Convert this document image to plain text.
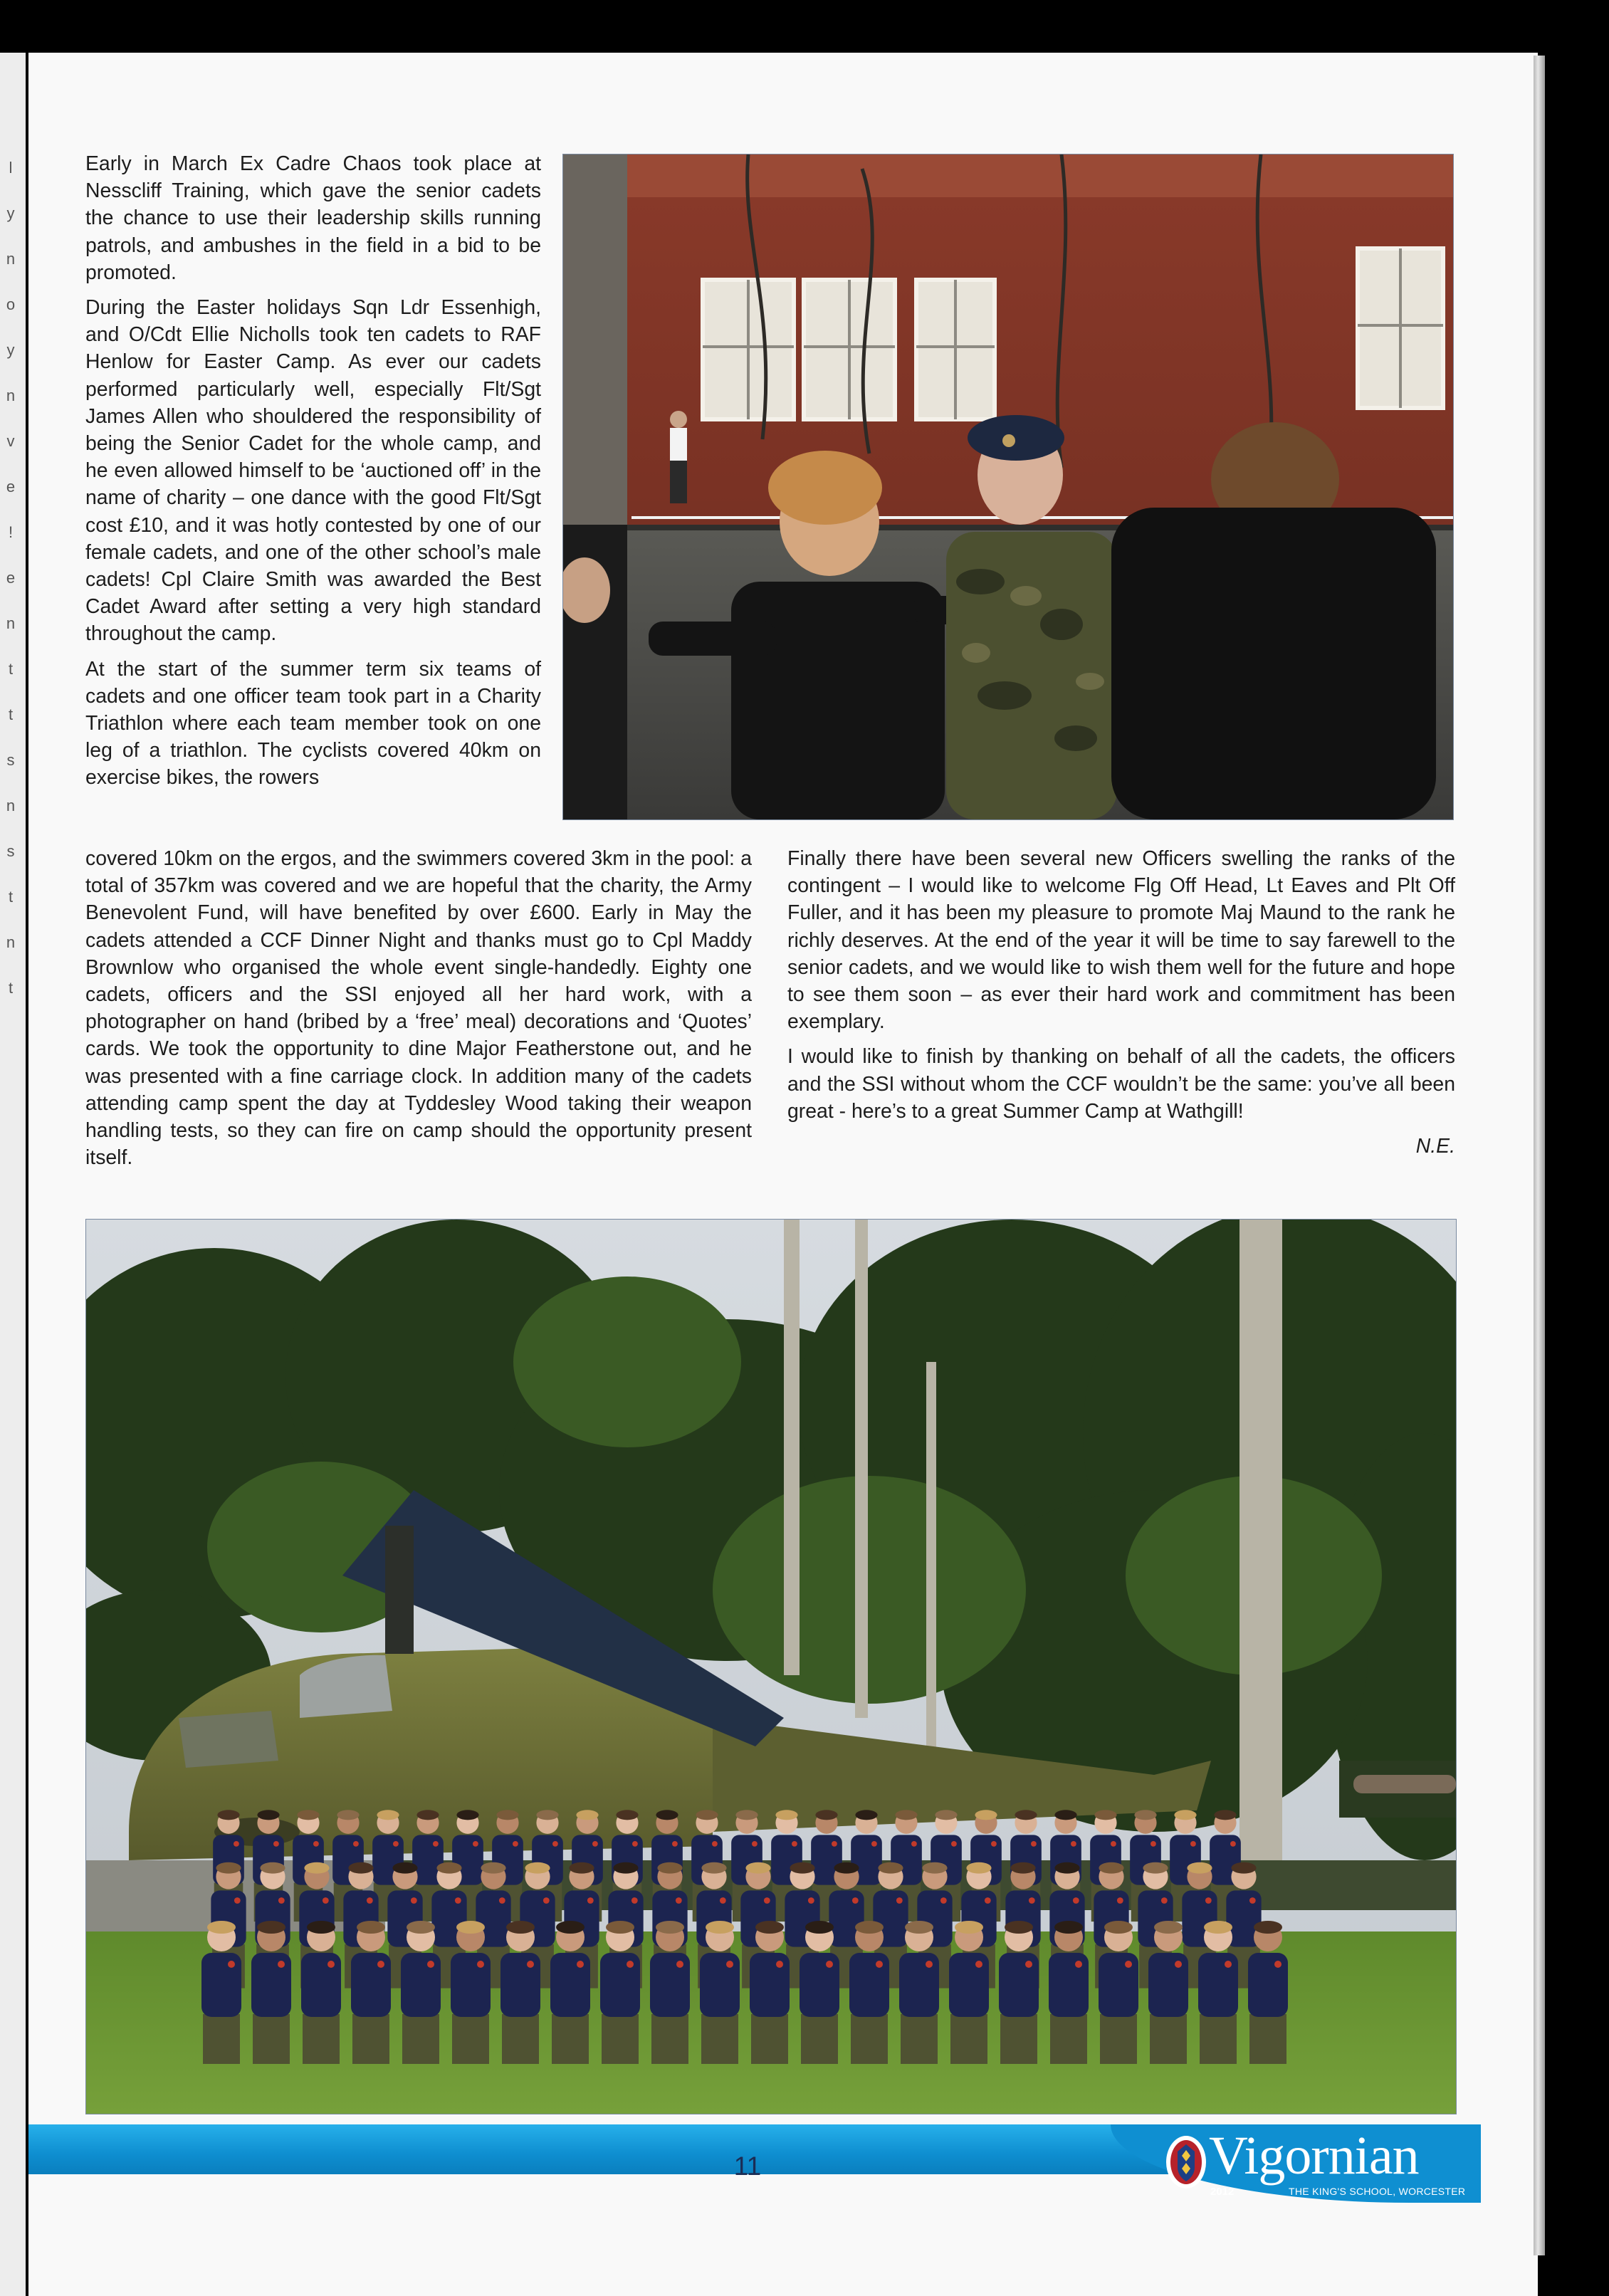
l
y
n
o
y
n
v
e
!
e
n
t
t
s
n
s
t
n
t

Early in March Ex Cadre Chaos took place at Nesscliff Training, which gave the senior cadets the chance to use their leadership skills running patrols, and ambushes in the field in a bid to be promoted.

During the Easter holidays Sqn Ldr Essenhigh, and O/Cdt Ellie Nicholls took ten cadets to RAF Henlow for Easter Camp. As ever our cadets performed particularly well, especially Flt/Sgt James Allen who shouldered the responsibility of being the Senior Cadet for the whole camp, and he even allowed himself to be ‘auctioned off’ in the name of charity – one dance with the good Flt/Sgt cost £10, and it was hotly contested by one of our female cadets, and one of the other school’s male cadets! Cpl Claire Smith was awarded the Best Cadet Award after setting a very high standard throughout the camp.

At the start of the summer term six teams of cadets and one officer team took part in a Charity Triathlon where each team member took on one leg of a triathlon. The cyclists covered 40km on exercise bikes, the rowers

covered 10km on the ergos, and the swimmers covered 3km in the pool: a total of 357km was covered and we are hopeful that the charity, the Army Benevolent Fund, will have benefited by over £600. Early in May the cadets attended a CCF Dinner Night and thanks must go to Cpl Maddy Brownlow who organised the whole event single-handedly. Eighty one cadets, officers and the SSI enjoyed all her hard work, with a photographer on hand (bribed by a ‘free’ meal) decorations and ‘Quotes’ cards. We took the opportunity to dine Major Featherstone out, and he was presented with a fine carriage clock. In addition many of the cadets attending camp spent the day at Tyddesley Wood taking their weapon handling tests, so they can fire on camp should the opportunity present itself.

Finally there have been several new Officers swelling the ranks of the contingent – I would like to welcome Flg Off Head, Lt Eaves and Plt Off Fuller, and it has been my pleasure to promote Maj Maund to the rank he richly deserves. At the end of the year it will be time to say farewell to the senior cadets, and we would like to wish them well for the future and hope to see them soon – as ever their hard work and commitment has been exemplary.

I would like to finish by thanking on behalf of all the cadets, the officers and the SSI without whom the CCF wouldn’t be the same: you’ve all been great - here’s to a great Summer Camp at Wathgill!

N.E.

11	Vigornian
2012	THE KING'S SCHOOL, WORCESTER
